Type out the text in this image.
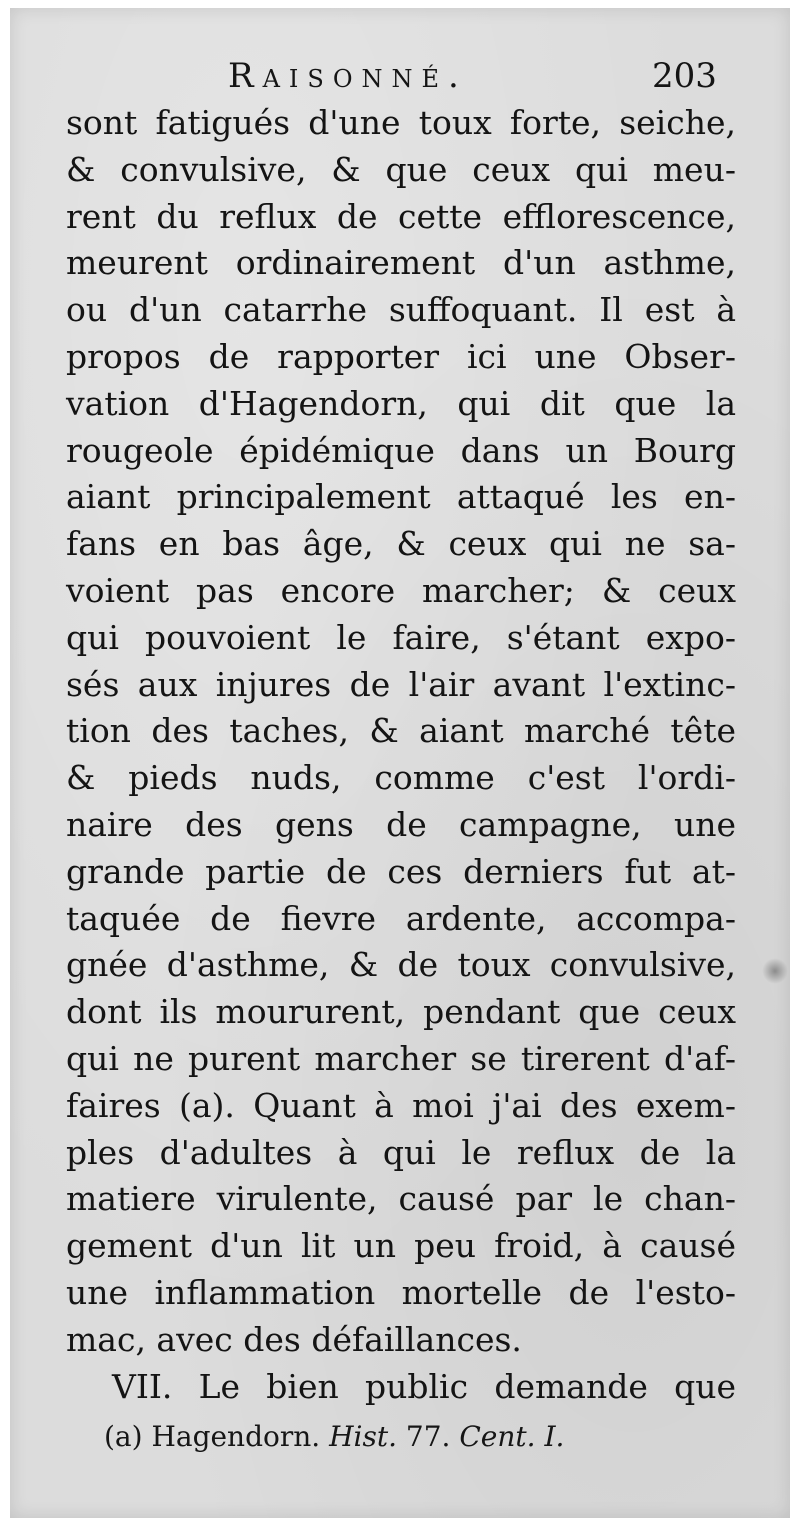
Raisonné.	203
sont fatigués d'une toux forte, seiche,
& convulsive, & que ceux qui meu-
rent du reflux de cette efflorescence,
meurent ordinairement d'un asthme,
ou d'un catarrhe suffoquant. Il est à
propos de rapporter ici une Obser-
vation d'Hagendorn, qui dit que la
rougeole épidémique dans un Bourg
aiant principalement attaqué les en-
fans en bas âge, & ceux qui ne sa-
voient pas encore marcher; & ceux
qui pouvoient le faire, s'étant expo-
sés aux injures de l'air avant l'extinc-
tion des taches, & aiant marché tête
& pieds nuds, comme c'est l'ordi-
naire des gens de campagne, une
grande partie de ces derniers fut at-
taquée de fievre ardente, accompa-
gnée d'asthme, & de toux convulsive,
dont ils moururent, pendant que ceux
qui ne purent marcher se tirerent d'af-
faires (a). Quant à moi j'ai des exem-
ples d'adultes à qui le reflux de la
matiere virulente, causé par le chan-
gement d'un lit un peu froid, à causé
une inflammation mortelle de l'esto-
mac, avec des défaillances.
VII. Le bien public demande que
(a) Hagendorn. Hist. 77. Cent. I.
